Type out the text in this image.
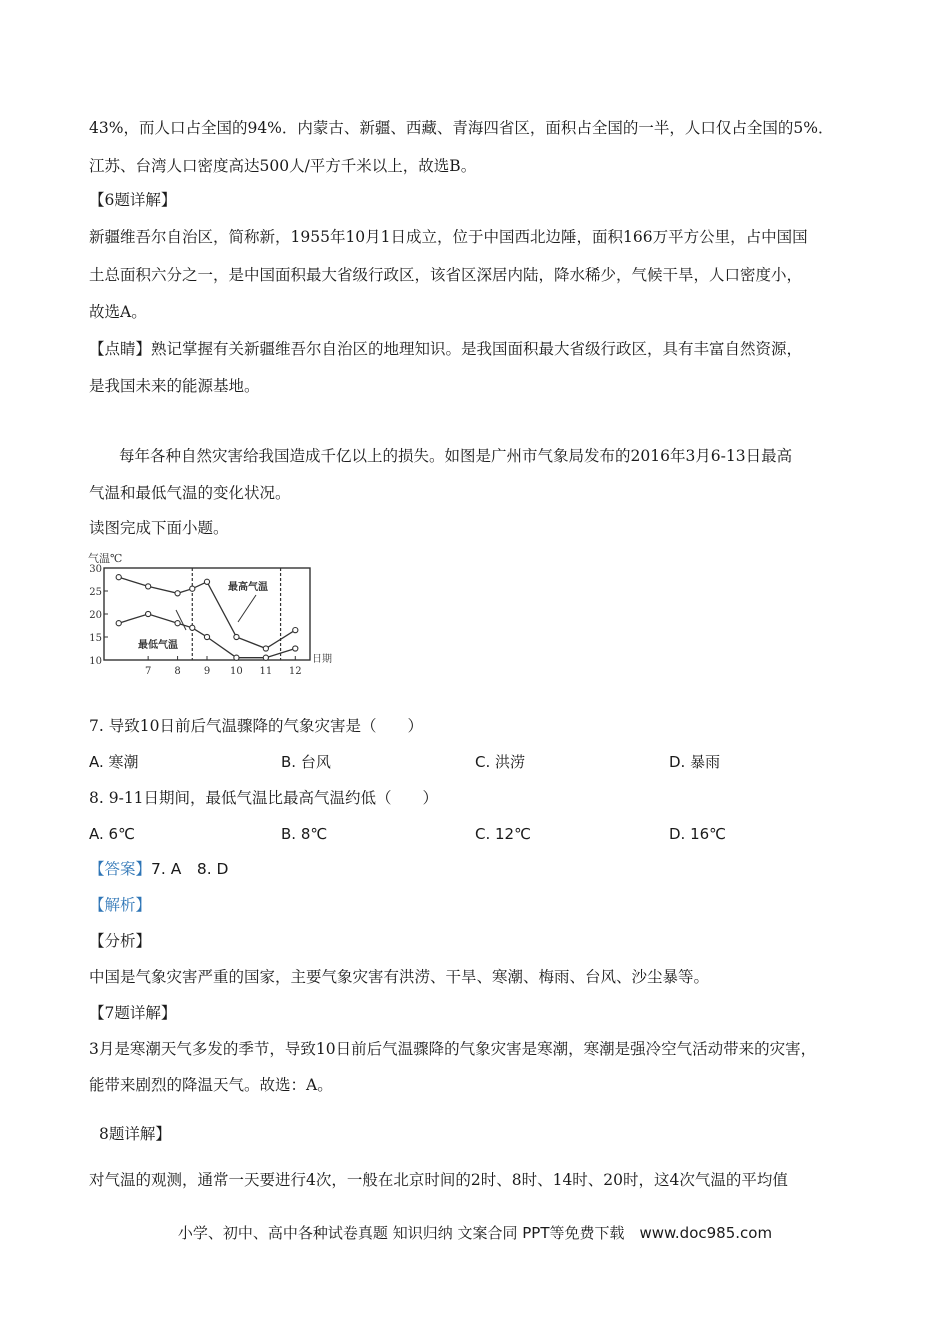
43%，而人口占全国的94%．内蒙古、新疆、西藏、青海四省区，面积占全国的一半，人口仅占全国的5%．
江苏、台湾人口密度高达500人/平方千米以上，故选B。
【6题详解】
新疆维吾尔自治区，简称新，1955年10月1日成立，位于中国西北边陲，面积166万平方公里，占中国国
土总面积六分之一，是中国面积最大省级行政区，该省区深居内陆，降水稀少，气候干旱，人口密度小，
故选A。
【点睛】熟记掌握有关新疆维吾尔自治区的地理知识。是我国面积最大省级行政区，具有丰富自然资源，
是我国未来的能源基地。
每年各种自然灾害给我国造成千亿以上的损失。如图是广州市气象局发布的2016年3月6-13日最高
气温和最低气温的变化状况。
读图完成下面小题。
10
15
20
25
30
7 8 9 10 11 12
气温℃
日期
最高气温
最低气温
7. 导致10日前后气温骤降的气象灾害是（　　）
A. 寒潮	B. 台风	C. 洪涝	D. 暴雨
8. 9-11日期间，最低气温比最高气温约低（　　）
A. 6℃	B. 8℃	C. 12℃	D. 16℃
【答案】7. A　8. D
【解析】
【分析】
中国是气象灾害严重的国家，主要气象灾害有洪涝、干旱、寒潮、梅雨、台风、沙尘暴等。
【7题详解】
3月是寒潮天气多发的季节，导致10日前后气温骤降的气象灾害是寒潮，寒潮是强冷空气活动带来的灾害，
能带来剧烈的降温天气。故选：A。
8题详解】
对气温的观测，通常一天要进行4次，一般在北京时间的2时、8时、14时、20时，这4次气温的平均值
小学、初中、高中各种试卷真题 知识归纳 文案合同 PPT等免费下载　www.doc985.com
